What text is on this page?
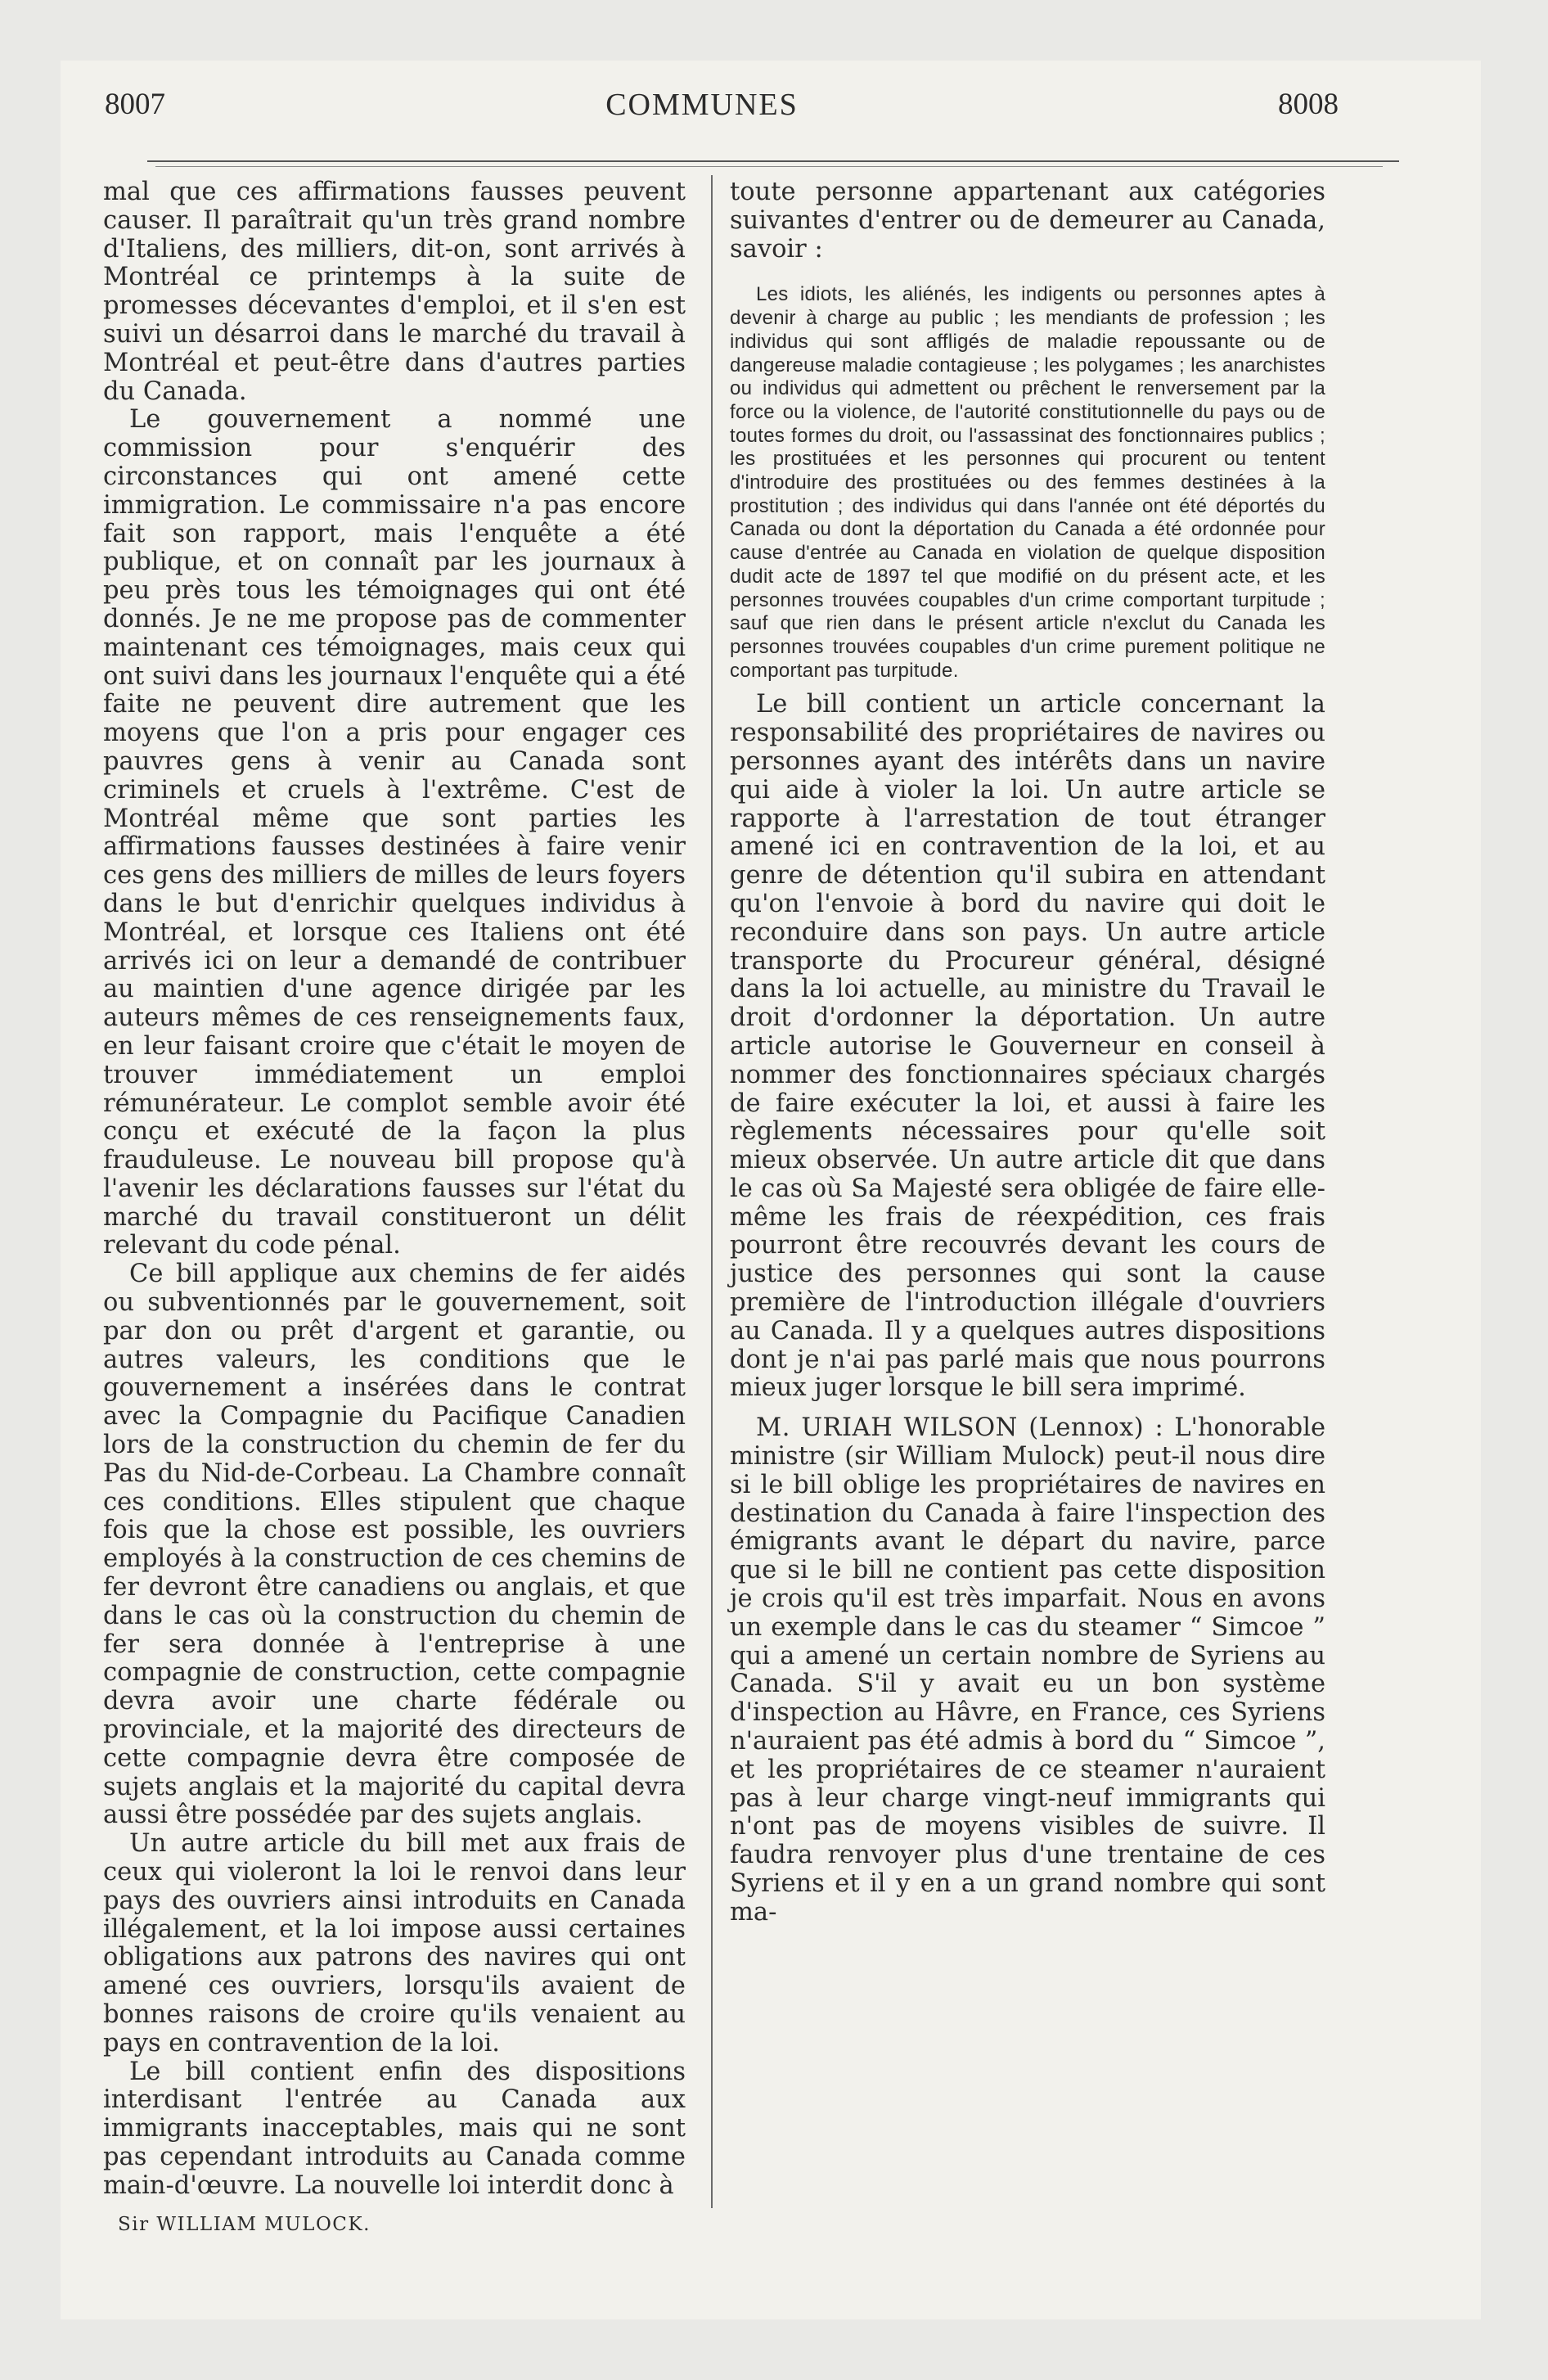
8007	COMMUNES	8008

mal que ces affirmations fausses peuvent causer. Il paraîtrait qu'un très grand nombre d'Italiens, des milliers, dit-on, sont arrivés à Montréal ce printemps à la suite de promesses décevantes d'emploi, et il s'en est suivi un désarroi dans le marché du travail à Montréal et peut-être dans d'autres parties du Canada.

Le gouvernement a nommé une commission pour s'enquérir des circonstances qui ont amené cette immigration. Le commissaire n'a pas encore fait son rapport, mais l'enquête a été publique, et on connaît par les journaux à peu près tous les témoignages qui ont été donnés. Je ne me propose pas de commenter maintenant ces témoignages, mais ceux qui ont suivi dans les journaux l'enquête qui a été faite ne peuvent dire autrement que les moyens que l'on a pris pour engager ces pauvres gens à venir au Canada sont criminels et cruels à l'extrême. C'est de Montréal même que sont parties les affirmations fausses destinées à faire venir ces gens des milliers de milles de leurs foyers dans le but d'enrichir quelques individus à Montréal, et lorsque ces Italiens ont été arrivés ici on leur a demandé de contribuer au maintien d'une agence dirigée par les auteurs mêmes de ces renseignements faux, en leur faisant croire que c'était le moyen de trouver immédiatement un emploi rémunérateur. Le complot semble avoir été conçu et exécuté de la façon la plus frauduleuse. Le nouveau bill propose qu'à l'avenir les déclarations fausses sur l'état du marché du travail constitueront un délit relevant du code pénal.

Ce bill applique aux chemins de fer aidés ou subventionnés par le gouvernement, soit par don ou prêt d'argent et garantie, ou autres valeurs, les conditions que le gouvernement a insérées dans le contrat avec la Compagnie du Pacifique Canadien lors de la construction du chemin de fer du Pas du Nid-de-Corbeau. La Chambre connaît ces conditions. Elles stipulent que chaque fois que la chose est possible, les ouvriers employés à la construction de ces chemins de fer devront être canadiens ou anglais, et que dans le cas où la construction du chemin de fer sera donnée à l'entreprise à une compagnie de construction, cette compagnie devra avoir une charte fédérale ou provinciale, et la majorité des directeurs de cette compagnie devra être composée de sujets anglais et la majorité du capital devra aussi être possédée par des sujets anglais.

Un autre article du bill met aux frais de ceux qui violeront la loi le renvoi dans leur pays des ouvriers ainsi introduits en Canada illégalement, et la loi impose aussi certaines obligations aux patrons des navires qui ont amené ces ouvriers, lorsqu'ils avaient de bonnes raisons de croire qu'ils venaient au pays en contravention de la loi.

Le bill contient enfin des dispositions interdisant l'entrée au Canada aux immigrants inacceptables, mais qui ne sont pas cependant introduits au Canada comme main-d'œuvre. La nouvelle loi interdit donc à

Sir WILLIAM MULOCK.

toute personne appartenant aux catégories suivantes d'entrer ou de demeurer au Canada, savoir :

Les idiots, les aliénés, les indigents ou personnes aptes à devenir à charge au public ; les mendiants de profession ; les individus qui sont affligés de maladie repoussante ou de dangereuse maladie contagieuse ; les polygames ; les anarchistes ou individus qui admettent ou prêchent le renversement par la force ou la violence, de l'autorité constitutionnelle du pays ou de toutes formes du droit, ou l'assassinat des fonctionnaires publics ; les prostituées et les personnes qui procurent ou tentent d'introduire des prostituées ou des femmes destinées à la prostitution ; des individus qui dans l'année ont été déportés du Canada ou dont la déportation du Canada a été ordonnée pour cause d'entrée au Canada en violation de quelque disposition dudit acte de 1897 tel que modifié on du présent acte, et les personnes trouvées coupables d'un crime comportant turpitude ; sauf que rien dans le présent article n'exclut du Canada les personnes trouvées coupables d'un crime purement politique ne comportant pas turpitude.

Le bill contient un article concernant la responsabilité des propriétaires de navires ou personnes ayant des intérêts dans un navire qui aide à violer la loi. Un autre article se rapporte à l'arrestation de tout étranger amené ici en contravention de la loi, et au genre de détention qu'il subira en attendant qu'on l'envoie à bord du navire qui doit le reconduire dans son pays. Un autre article transporte du Procureur général, désigné dans la loi actuelle, au ministre du Travail le droit d'ordonner la déportation. Un autre article autorise le Gouverneur en conseil à nommer des fonctionnaires spéciaux chargés de faire exécuter la loi, et aussi à faire les règlements nécessaires pour qu'elle soit mieux observée. Un autre article dit que dans le cas où Sa Majesté sera obligée de faire elle-même les frais de réexpédition, ces frais pourront être recouvrés devant les cours de justice des personnes qui sont la cause première de l'introduction illégale d'ouvriers au Canada. Il y a quelques autres dispositions dont je n'ai pas parlé mais que nous pourrons mieux juger lorsque le bill sera imprimé.

M. URIAH WILSON (Lennox) : L'honorable ministre (sir William Mulock) peut-il nous dire si le bill oblige les propriétaires de navires en destination du Canada à faire l'inspection des émigrants avant le départ du navire, parce que si le bill ne contient pas cette disposition je crois qu'il est très imparfait. Nous en avons un exemple dans le cas du steamer “ Simcoe ” qui a amené un certain nombre de Syriens au Canada. S'il y avait eu un bon système d'inspection au Hâvre, en France, ces Syriens n'auraient pas été admis à bord du “ Simcoe ”, et les propriétaires de ce steamer n'auraient pas à leur charge vingt-neuf immigrants qui n'ont pas de moyens visibles de suivre. Il faudra renvoyer plus d'une trentaine de ces Syriens et il y en a un grand nombre qui sont ma-
